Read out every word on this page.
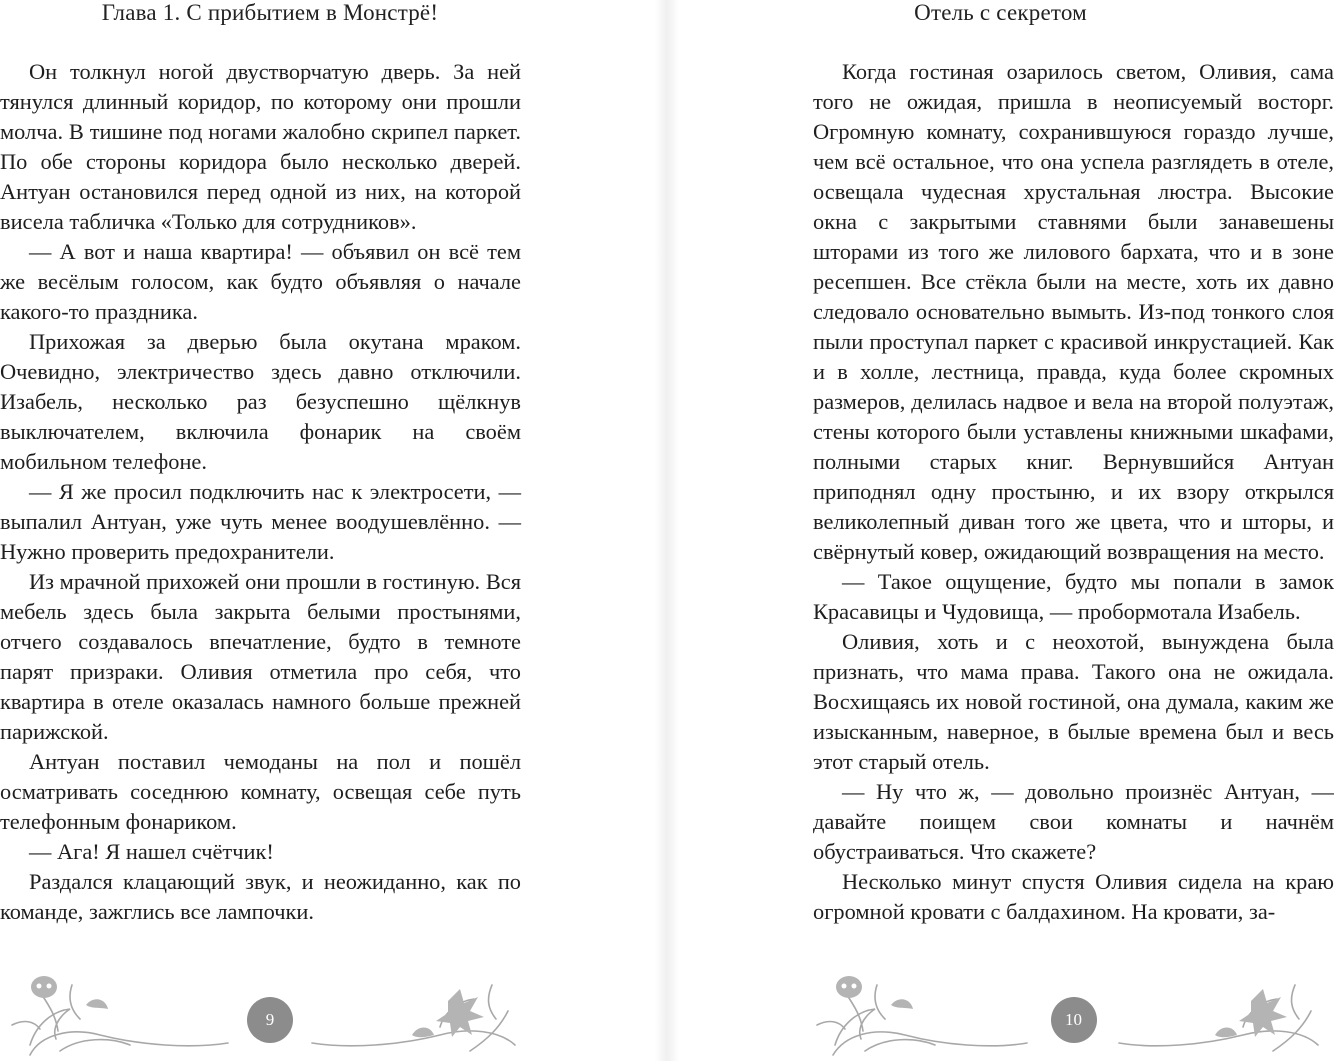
Глава 1. С прибытием в Монстрё!

Он толкнул ногой двустворчатую дверь. За ней тянулся длинный коридор, по которому они прошли молча. В тишине под ногами жалобно скрипел паркет. По обе стороны коридора было несколько дверей. Антуан остановился перед одной из них, на которой висела табличка «Только для сотрудников».

— А вот и наша квартира! — объявил он всё тем же весёлым голосом, как будто объявляя о начале какого-то праздника.

Прихожая за дверью была окутана мраком. Очевидно, электричество здесь давно отключили. Изабель, несколько раз безуспешно щёлкнув выключателем, включила фонарик на своём мобильном телефоне.

— Я же просил подключить нас к электросети, — выпалил Антуан, уже чуть менее воодушевлённо. — Нужно проверить предохранители.

Из мрачной прихожей они прошли в гостиную. Вся мебель здесь была закрыта белыми простынями, отчего создавалось впечатление, будто в темноте парят призраки. Оливия отметила про себя, что квартира в отеле оказалась намного больше прежней парижской.

Антуан поставил чемоданы на пол и пошёл осматривать соседнюю комнату, освещая себе путь телефонным фонариком.

— Ага! Я нашел счётчик!

Раздался клацающий звук, и неожиданно, как по команде, зажглись все лампочки.

9
Отель с секретом

Когда гостиная озарилось светом, Оливия, сама того не ожидая, пришла в неописуемый восторг. Огромную комнату, сохранившуюся гораздо лучше, чем всё остальное, что она успела разглядеть в отеле, освещала чудесная хрустальная люстра. Высокие окна с закрытыми ставнями были занавешены шторами из того же лилового бархата, что и в зоне ресепшен. Все стёкла были на месте, хоть их давно следовало основательно вымыть. Из-под тонкого слоя пыли проступал паркет с красивой инкрустацией. Как и в холле, лестница, правда, куда более скромных размеров, делилась надвое и вела на второй полуэтаж, стены которого были уставлены книжными шкафами, полными старых книг. Вернувшийся Антуан приподнял одну простыню, и их взору открылся великолепный диван того же цвета, что и шторы, и свёрнутый ковер, ожидающий возвращения на место.

— Такое ощущение, будто мы попали в замок Красавицы и Чудовища, — пробормотала Изабель.

Оливия, хоть и с неохотой, вынуждена была признать, что мама права. Такого она не ожидала. Восхищаясь их новой гостиной, она думала, каким же изысканным, наверное, в былые времена был и весь этот старый отель.

— Ну что ж, — довольно произнёс Антуан, — давайте поищем свои комнаты и начнём обустраиваться. Что скажете?

Несколько минут спустя Оливия сидела на краю огромной кровати с балдахином. На кровати, за-

10
